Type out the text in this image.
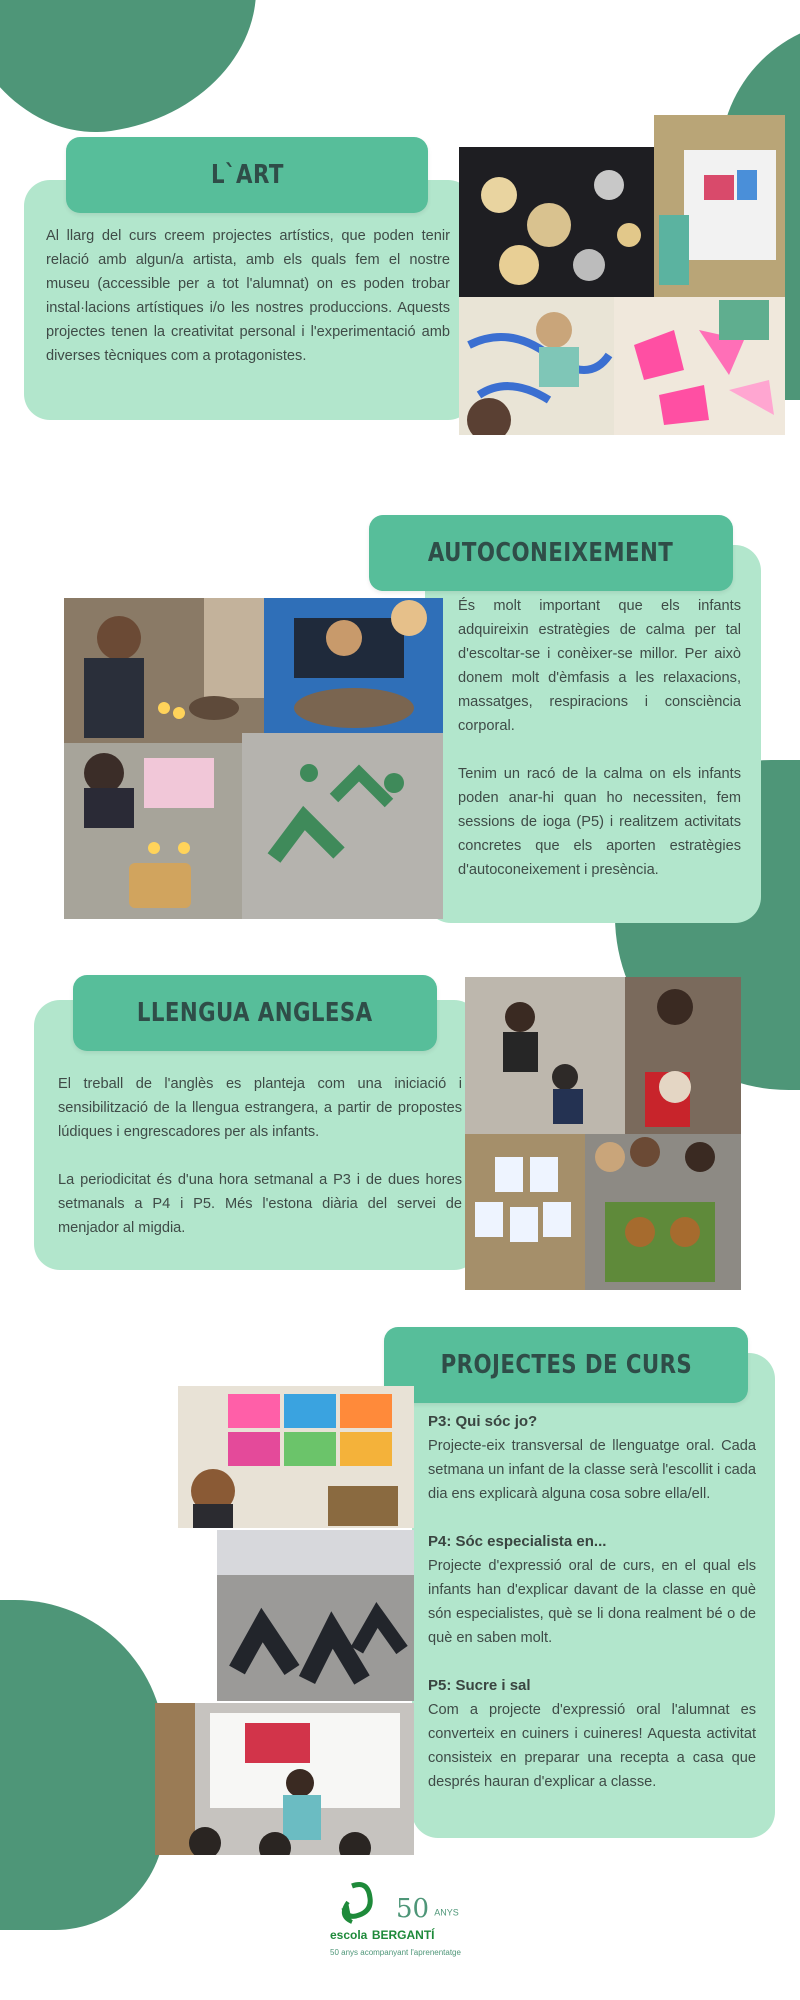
L`ART

Al llarg del curs creem projectes artístics, que poden tenir relació amb algun/a artista, amb els quals fem el nostre museu (accessible per a tot l'alumnat) on es poden trobar instal·lacions artístiques i/o les nostres produccions. Aquests projectes tenen la creativitat personal i l'experimentació amb diverses tècniques com a protagonistes.

AUTOCONEIXEMENT

És molt important que els infants adquireixin estratègies de calma per tal d'escoltar-se i conèixer-se millor. Per això donem molt d'èmfasis a les relaxacions, massatges, respiracions i consciència corporal.

Tenim un racó de la calma on els infants poden anar-hi quan ho necessiten, fem sessions de ioga (P5) i realitzem activitats concretes que els aporten estratègies d'autoconeixement i presència.

LLENGUA ANGLESA

El treball de l'anglès es planteja com una iniciació i sensibilització de la llengua estrangera, a partir de propostes lúdiques i engrescadores per als infants.

La periodicitat és d'una hora setmanal a P3 i de dues hores setmanals a P4 i P5. Més l'estona diària del servei de menjador al migdia.

PROJECTES DE CURS

P3: Qui sóc jo?
Projecte-eix transversal de llenguatge oral. Cada setmana un infant de la classe serà l'escollit i cada dia ens explicarà alguna cosa sobre ella/ell.

P4: Sóc especialista en...
Projecte d'expressió oral de curs, en el qual els infants han d'explicar davant de la classe en què són especialistes, què se li dona realment bé o de què en saben molt.

P5: Sucre i sal
Com a projecte d'expressió oral l'alumnat es converteix en cuiners i cuineres! Aquesta activitat consisteix en preparar una recepta a casa que després hauran d'explicar a classe.

50 ANYS
escola BERGANTÍ
50 anys acompanyant l'aprenentatge
